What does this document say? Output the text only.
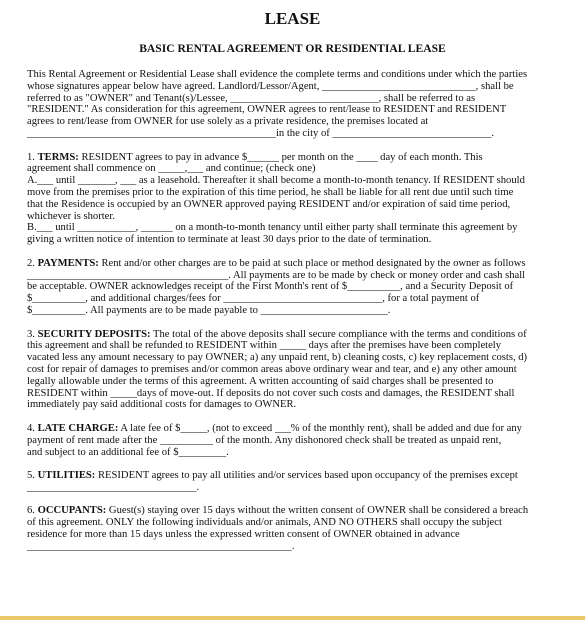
LEASE
BASIC RENTAL AGREEMENT OR RESIDENTIAL LEASE
This Rental Agreement or Residential Lease shall evidence the complete terms and conditions under which the parties
whose signatures appear below have agreed. Landlord/Lessor/Agent, _____________________________, shall be
referred to as "OWNER" and Tenant(s)/Lessee, ____________________________, shall be referred to as
"RESIDENT." As consideration for this agreement, OWNER agrees to rent/lease to RESIDENT and RESIDENT
agrees to rent/lease from OWNER for use solely as a private residence, the premises located at
_______________________________________________in the city of ______________________________.
1. TERMS: RESIDENT agrees to pay in advance $______ per month on the ____ day of each month. This
agreement shall commence on _____,___ and continue; (check one)
A.___ until _______, ___ as a leasehold. Thereafter it shall become a month-to-month tenancy. If RESIDENT should
move from the premises prior to the expiration of this time period, he shall be liable for all rent due until such time
that the Residence is occupied by an OWNER approved paying RESIDENT and/or expiration of said time period,
whichever is shorter.
B.___ until ___________, ______ on a month-to-month tenancy until either party shall terminate this agreement by
giving a written notice of intention to terminate at least 30 days prior to the date of termination.
2. PAYMENTS: Rent and/or other charges are to be paid at such place or method designated by the owner as follows
______________________________________. All payments are to be made by check or money order and cash shall
be acceptable. OWNER acknowledges receipt of the First Month's rent of $__________, and a Security Deposit of
$__________, and additional charges/fees for ______________________________, for a total payment of
$__________. All payments are to be made payable to ________________________.
3. SECURITY DEPOSITS: The total of the above deposits shall secure compliance with the terms and conditions of
this agreement and shall be refunded to RESIDENT within _____ days after the premises have been completely
vacated less any amount necessary to pay OWNER; a) any unpaid rent, b) cleaning costs, c) key replacement costs, d)
cost for repair of damages to premises and/or common areas above ordinary wear and tear, and e) any other amount
legally allowable under the terms of this agreement. A written accounting of said charges shall be presented to
RESIDENT within _____days of move-out. If deposits do not cover such costs and damages, the RESIDENT shall
immediately pay said additional costs for damages to OWNER.
4. LATE CHARGE: A late fee of $_____, (not to exceed ___% of the monthly rent), shall be added and due for any
payment of rent made after the __________ of the month. Any dishonored check shall be treated as unpaid rent,
and subject to an additional fee of $_________.
5. UTILITIES: RESIDENT agrees to pay all utilities and/or services based upon occupancy of the premises except
________________________________.
6. OCCUPANTS: Guest(s) staying over 15 days without the written consent of OWNER shall be considered a breach
of this agreement. ONLY the following individuals and/or animals, AND NO OTHERS shall occupy the subject
residence for more than 15 days unless the expressed written consent of OWNER obtained in advance
__________________________________________________.
